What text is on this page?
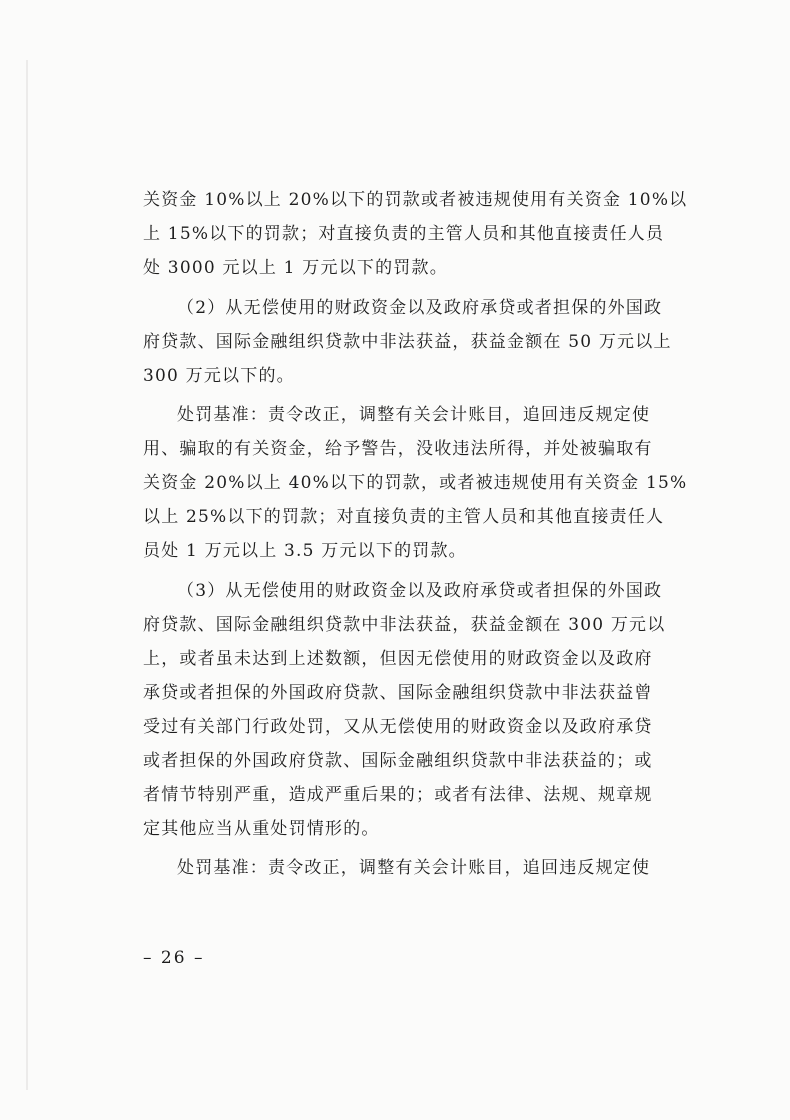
关资金 10%以上 20%以下的罚款或者被违规使用有关资金 10%以
上 15%以下的罚款；对直接负责的主管人员和其他直接责任人员
处 3000 元以上 1 万元以下的罚款。
（2）从无偿使用的财政资金以及政府承贷或者担保的外国政
府贷款、国际金融组织贷款中非法获益，获益金额在 50 万元以上
300 万元以下的。
处罚基准：责令改正，调整有关会计账目，追回违反规定使
用、骗取的有关资金，给予警告，没收违法所得，并处被骗取有
关资金 20%以上 40%以下的罚款，或者被违规使用有关资金 15%
以上 25%以下的罚款；对直接负责的主管人员和其他直接责任人
员处 1 万元以上 3.5 万元以下的罚款。
（3）从无偿使用的财政资金以及政府承贷或者担保的外国政
府贷款、国际金融组织贷款中非法获益，获益金额在 300 万元以
上，或者虽未达到上述数额，但因无偿使用的财政资金以及政府
承贷或者担保的外国政府贷款、国际金融组织贷款中非法获益曾
受过有关部门行政处罚，又从无偿使用的财政资金以及政府承贷
或者担保的外国政府贷款、国际金融组织贷款中非法获益的；或
者情节特别严重，造成严重后果的；或者有法律、法规、规章规
定其他应当从重处罚情形的。
处罚基准：责令改正，调整有关会计账目，追回违反规定使
– 26 –
